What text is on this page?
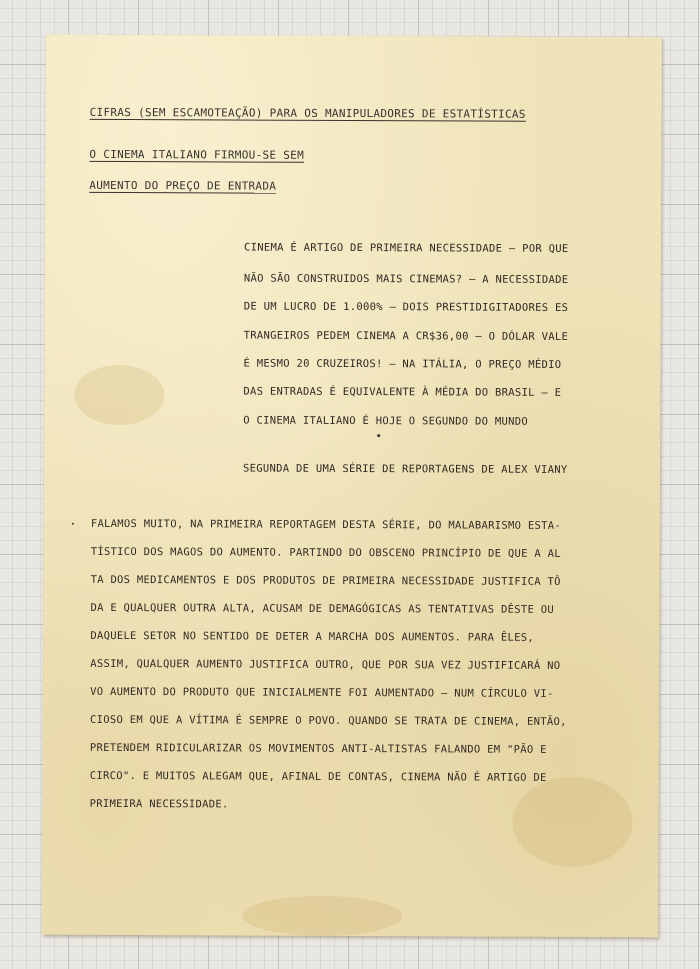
CIFRAS (SEM ESCAMOTEAÇÃO) PARA OS MANIPULADORES DE ESTATÍSTICAS

O CINEMA ITALIANO FIRMOU-SE SEM

AUMENTO DO PREÇO DE ENTRADA

CINEMA É ARTIGO DE PRIMEIRA NECESSIDADE — POR QUE

NÃO SÃO CONSTRUIDOS MAIS CINEMAS? — A NECESSIDADE

DE UM LUCRO DE 1.000% — DOIS PRESTIDIGITADORES ES

TRANGEIROS PEDEM CINEMA A CR$36,00 — O DÓLAR VALE

É MESMO 20 CRUZEIROS! — NA ITÁLIA, O PREÇO MÉDIO

DAS ENTRADAS É EQUIVALENTE À MÉDIA DO BRASIL — E

O CINEMA ITALIANO É HOJE O SEGUNDO DO MUNDO

SEGUNDA DE UMA SÉRIE DE REPORTAGENS DE ALEX VIANY

FALAMOS MUITO, NA PRIMEIRA REPORTAGEM DESTA SÉRIE, DO MALABARISMO ESTA-

TÍSTICO DOS MAGOS DO AUMENTO. PARTINDO DO OBSCENO PRINCÍPIO DE QUE A AL

TA DOS MEDICAMENTOS E DOS PRODUTOS DE PRIMEIRA NECESSIDADE JUSTIFICA TÔ

DA E QUALQUER OUTRA ALTA, ACUSAM DE DEMAGÓGICAS AS TENTATIVAS DÊSTE OU

DAQUELE SETOR NO SENTIDO DE DETER A MARCHA DOS AUMENTOS. PARA ÊLES,

ASSIM, QUALQUER AUMENTO JUSTIFICA OUTRO, QUE POR SUA VEZ JUSTIFICARÁ NO

VO AUMENTO DO PRODUTO QUE INICIALMENTE FOI AUMENTADO — NUM CÍRCULO VI-

CIOSO EM QUE A VÍTIMA É SEMPRE O POVO. QUANDO SE TRATA DE CINEMA, ENTÃO,

PRETENDEM RIDICULARIZAR OS MOVIMENTOS ANTI-ALTISTAS FALANDO EM "PÃO E

CIRCO". E MUITOS ALEGAM QUE, AFINAL DE CONTAS, CINEMA NÃO É ARTIGO DE

PRIMEIRA NECESSIDADE.
